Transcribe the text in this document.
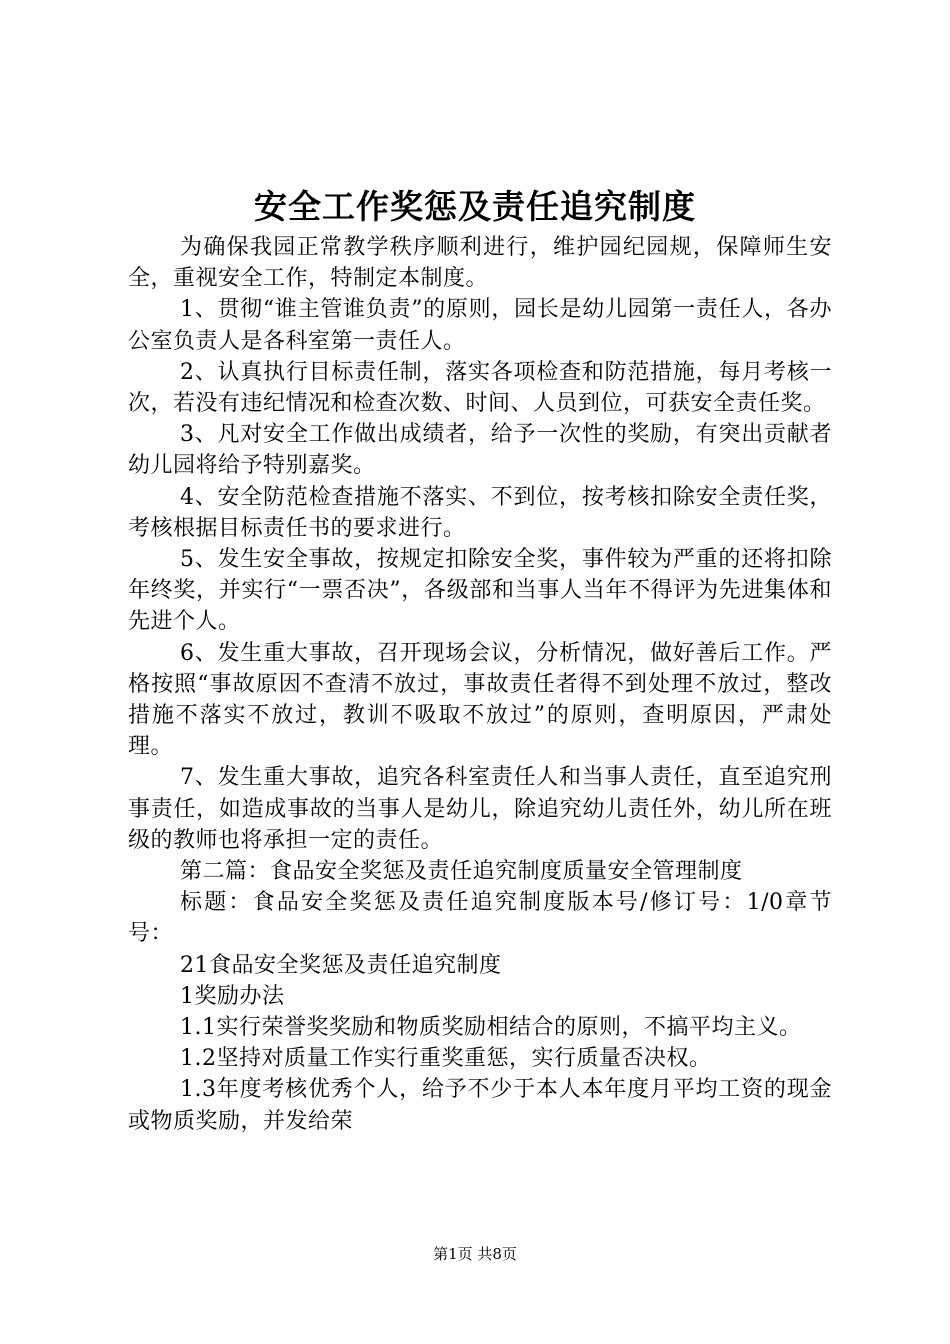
安全工作奖惩及责任追究制度

为确保我园正常教学秩序顺利进行，维护园纪园规，保障师生安全，重视安全工作，特制定本制度。

1、贯彻“谁主管谁负责”的原则，园长是幼儿园第一责任人，各办公室负责人是各科室第一责任人。

2、认真执行目标责任制，落实各项检查和防范措施，每月考核一次，若没有违纪情况和检查次数、时间、人员到位，可获安全责任奖。

3、凡对安全工作做出成绩者，给予一次性的奖励，有突出贡献者幼儿园将给予特别嘉奖。

4、安全防范检查措施不落实、不到位，按考核扣除安全责任奖，考核根据目标责任书的要求进行。

5、发生安全事故，按规定扣除安全奖，事件较为严重的还将扣除年终奖，并实行“一票否决”，各级部和当事人当年不得评为先进集体和先进个人。

6、发生重大事故，召开现场会议，分析情况，做好善后工作。严格按照“事故原因不查清不放过，事故责任者得不到处理不放过，整改措施不落实不放过，教训不吸取不放过”的原则，查明原因，严肃处理。

7、发生重大事故，追究各科室责任人和当事人责任，直至追究刑事责任，如造成事故的当事人是幼儿，除追究幼儿责任外，幼儿所在班级的教师也将承担一定的责任。

第二篇：食品安全奖惩及责任追究制度质量安全管理制度

标题：食品安全奖惩及责任追究制度版本号/修订号：1/0章节号：

21食品安全奖惩及责任追究制度

1奖励办法

1.1实行荣誉奖奖励和物质奖励相结合的原则，不搞平均主义。

1.2坚持对质量工作实行重奖重惩，实行质量否决权。

1.3年度考核优秀个人，给予不少于本人本年度月平均工资的现金或物质奖励，并发给荣

第1页 共8页
